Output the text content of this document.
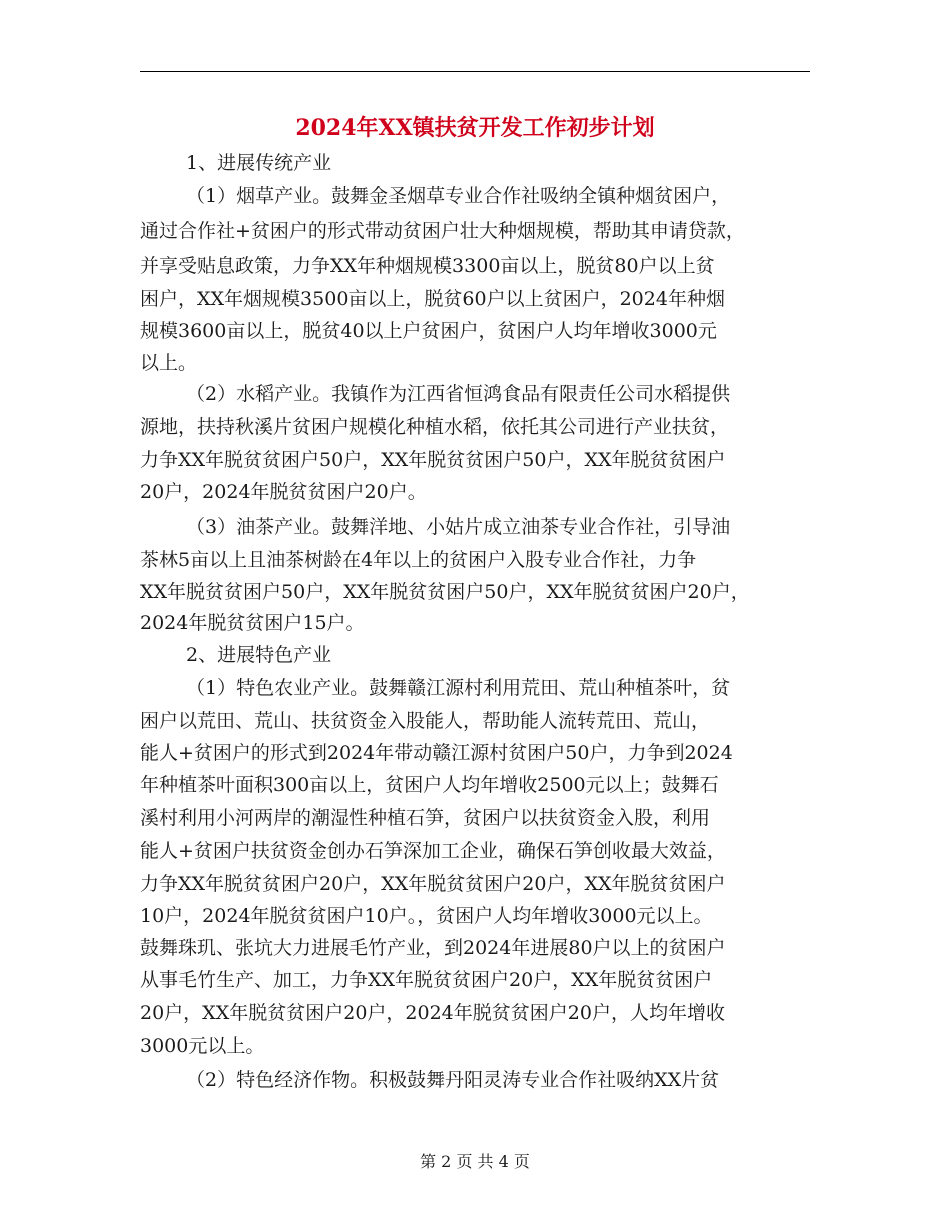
2024年XX镇扶贫开发工作初步计划

1、进展传统产业

（1）烟草产业。鼓舞金圣烟草专业合作社吸纳全镇种烟贫困户，

通过合作社+贫困户的形式带动贫困户壮大种烟规模，帮助其申请贷款，

并享受贴息政策，力争XX年种烟规模3300亩以上，脱贫80户以上贫

困户，XX年烟规模3500亩以上，脱贫60户以上贫困户，2024年种烟

规模3600亩以上，脱贫40以上户贫困户，贫困户人均年增收3000元

以上。

（2）水稻产业。我镇作为江西省恒鸿食品有限责任公司水稻提供

源地，扶持秋溪片贫困户规模化种植水稻，依托其公司进行产业扶贫，

力争XX年脱贫贫困户50户，XX年脱贫贫困户50户，XX年脱贫贫困户

20户，2024年脱贫贫困户20户。

（3）油茶产业。鼓舞洋地、小姑片成立油茶专业合作社，引导油

茶林5亩以上且油茶树龄在4年以上的贫困户入股专业合作社，力争

XX年脱贫贫困户50户，XX年脱贫贫困户50户，XX年脱贫贫困户20户，

2024年脱贫贫困户15户。

2、进展特色产业

（1）特色农业产业。鼓舞赣江源村利用荒田、荒山种植茶叶，贫

困户以荒田、荒山、扶贫资金入股能人，帮助能人流转荒田、荒山，

能人+贫困户的形式到2024年带动赣江源村贫困户50户，力争到2024

年种植茶叶面积300亩以上，贫困户人均年增收2500元以上；鼓舞石

溪村利用小河两岸的潮湿性种植石笋，贫困户以扶贫资金入股，利用

能人+贫困户扶贫资金创办石笋深加工企业，确保石笋创收最大效益，

力争XX年脱贫贫困户20户，XX年脱贫贫困户20户，XX年脱贫贫困户

10户，2024年脱贫贫困户10户。，贫困户人均年增收3000元以上。

鼓舞珠玑、张坑大力进展毛竹产业，到2024年进展80户以上的贫困户

从事毛竹生产、加工，力争XX年脱贫贫困户20户，XX年脱贫贫困户

20户，XX年脱贫贫困户20户，2024年脱贫贫困户20户，人均年增收

3000元以上。

（2）特色经济作物。积极鼓舞丹阳灵涛专业合作社吸纳XX片贫

第 2 页 共 4 页
